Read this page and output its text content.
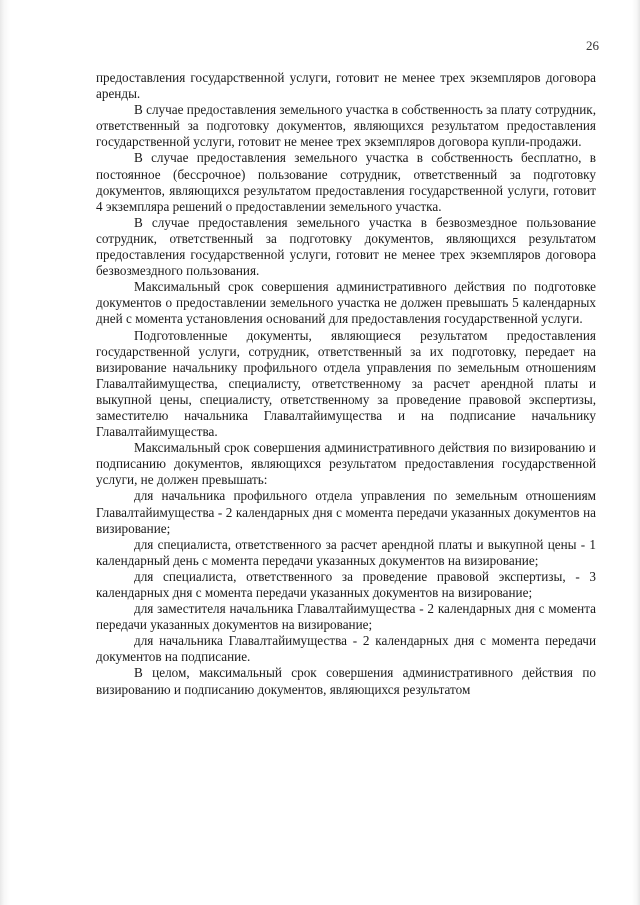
26

предоставления государственной услуги, готовит не менее трех экземпляров договора аренды.

В случае предоставления земельного участка в собственность за плату сотрудник, ответственный за подготовку документов, являющихся результатом предоставления государственной услуги, готовит не менее трех экземпляров договора купли-продажи.

В случае предоставления земельного участка в собственность бесплатно, в постоянное (бессрочное) пользование сотрудник, ответственный за подготовку документов, являющихся результатом предоставления государственной услуги, готовит 4 экземпляра решений о предоставлении земельного участка.

В случае предоставления земельного участка в безвозмездное пользование сотрудник, ответственный за подготовку документов, являющихся результатом предоставления государственной услуги, готовит не менее трех экземпляров договора безвозмездного пользования.

Максимальный срок совершения административного действия по подготовке документов о предоставлении земельного участка не должен превышать 5 календарных дней с момента установления оснований для предоставления государственной услуги.

Подготовленные документы, являющиеся результатом предоставления государственной услуги, сотрудник, ответственный за их подготовку, передает на визирование начальнику профильного отдела управления по земельным отношениям Главалтайимущества, специалисту, ответственному за расчет арендной платы и выкупной цены, специалисту, ответственному за проведение правовой экспертизы, заместителю начальника Главалтайимущества и на подписание начальнику Главалтайимущества.

Максимальный срок совершения административного действия по визированию и подписанию документов, являющихся результатом предоставления государственной услуги, не должен превышать:

для начальника профильного отдела управления по земельным отношениям Главалтайимущества - 2 календарных дня с момента передачи указанных документов на визирование;

для специалиста, ответственного за расчет арендной платы и выкупной цены - 1 календарный день с момента передачи указанных документов на визирование;

для специалиста, ответственного за проведение правовой экспертизы, - 3 календарных дня с момента передачи указанных документов на визирование;

для заместителя начальника Главалтайимущества - 2 календарных дня с момента передачи указанных документов на визирование;

для начальника Главалтайимущества - 2 календарных дня с момента передачи документов на подписание.

В целом, максимальный срок совершения административного действия по визированию и подписанию документов, являющихся результатом
